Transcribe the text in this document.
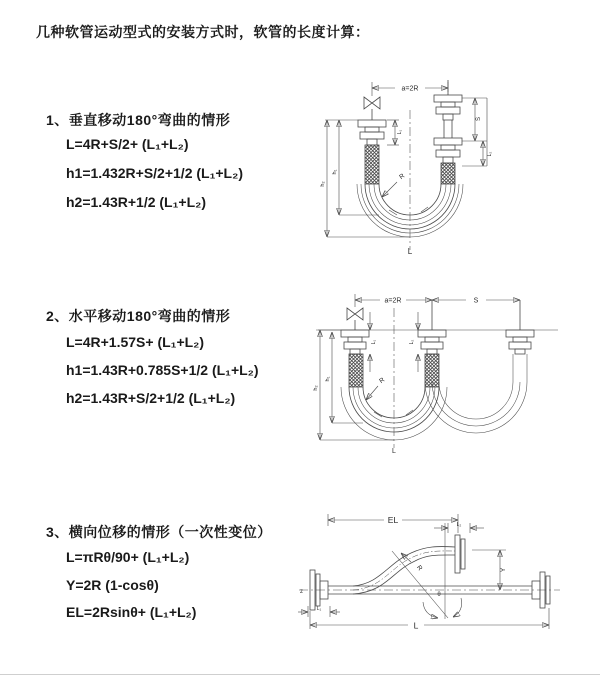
几种软管运动型式的安装方式时，软管的长度计算：
1、垂直移动180°弯曲的情形
L=4R+S/2+ (L₁+L₂)
h1=1.432R+S/2+1/2 (L₁+L₂)
h2=1.43R+1/2 (L₁+L₂)
2、水平移动180°弯曲的情形
L=4R+1.57S+ (L₁+L₂)
h1=1.43R+0.785S+1/2 (L₁+L₂)
h2=1.43R+S/2+1/2 (L₁+L₂)
3、横向位移的情形（一次性变位）
L=πRθ/90+ (L₁+L₂)
Y=2R (1-cosθ)
EL=2Rsinθ+ (L₁+L₂)
a=2R
L₁
S
L₂
R
h₁
h₂
L
a=2R	S
L₁	L₂
R
h₁
h₂
L
z
EL	L₂
Y
R
θ
L₁
L
